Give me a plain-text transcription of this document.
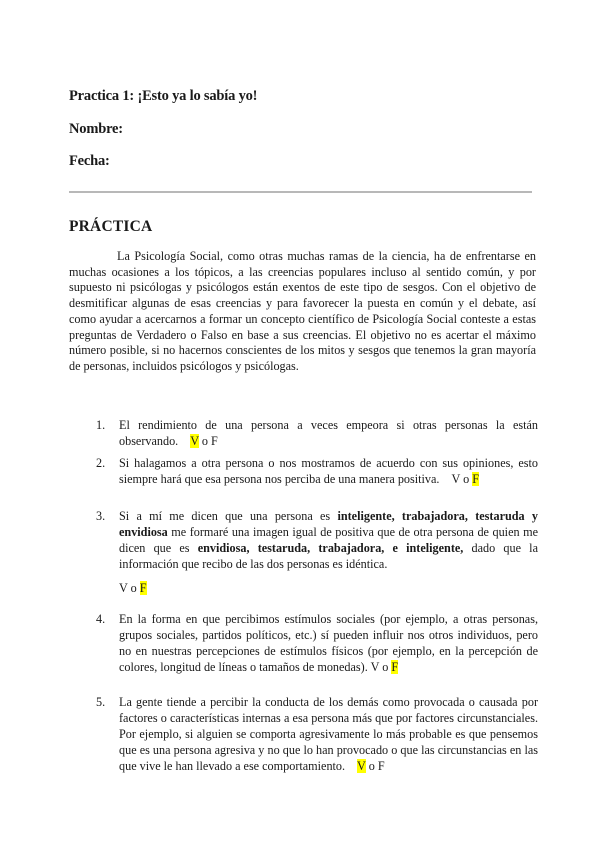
Practica 1: ¡Esto ya lo sabía yo!
Nombre:
Fecha:
PRÁCTICA
La Psicología Social, como otras muchas ramas de la ciencia, ha de enfrentarse en muchas ocasiones a los tópicos, a las creencias populares incluso al sentido común, y por supuesto ni psicólogas y psicólogos están exentos de este tipo de sesgos. Con el objetivo de desmitificar algunas de esas creencias y para favorecer la puesta en común y el debate, así como ayudar a acercarnos a formar un concepto científico de Psicología Social conteste a estas preguntas de Verdadero o Falso en base a sus creencias. El objetivo no es acertar el máximo número posible, si no hacernos conscientes de los mitos y sesgos que tenemos la gran mayoría de personas, incluidos psicólogos y psicólogas.
1. El rendimiento de una persona a veces empeora si otras personas la están observando. V o F
2. Si halagamos a otra persona o nos mostramos de acuerdo con sus opiniones, esto siempre hará que esa persona nos perciba de una manera positiva. V o F
3. Si a mí me dicen que una persona es inteligente, trabajadora, testaruda y envidiosa me formaré una imagen igual de positiva que de otra persona de quien me dicen que es envidiosa, testaruda, trabajadora, e inteligente, dado que la información que recibo de las dos personas es idéntica.
V o F
4. En la forma en que percibimos estímulos sociales (por ejemplo, a otras personas, grupos sociales, partidos políticos, etc.) sí pueden influir nos otros individuos, pero no en nuestras percepciones de estímulos físicos (por ejemplo, en la percepción de colores, longitud de líneas o tamaños de monedas). V o F
5. La gente tiende a percibir la conducta de los demás como provocada o causada por factores o características internas a esa persona más que por factores circunstanciales. Por ejemplo, si alguien se comporta agresivamente lo más probable es que pensemos que es una persona agresiva y no que lo han provocado o que las circunstancias en las que vive le han llevado a ese comportamiento. V o F
